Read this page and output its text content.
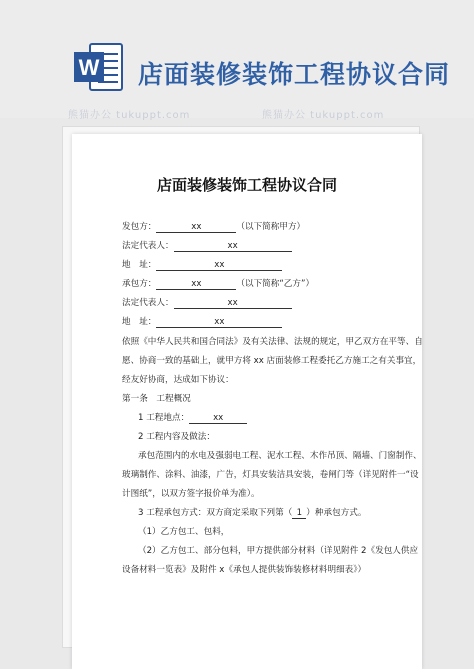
W 店面装修装饰工程协议合同
熊猫办公 tukuppt.com	熊猫办公 tukuppt.com
店面装修装饰工程协议合同
发包方：	xx	（以下简称甲方）
法定代表人：	xx
地　址：	xx
承包方：	xx	（以下简称“乙方”）
法定代表人：	xx
地　址：	xx
依照《中华人民共和国合同法》及有关法律、法规的规定，甲乙双方在平等、自
愿、协商一致的基础上，就甲方将 xx 店面装修工程委托乙方施工之有关事宜，
经友好协商，达成如下协议：
第一条　工程概况
1 工程地点：	xx
2 工程内容及做法：
承包范围内的水电及强弱电工程、泥水工程、木作吊顶、隔墙、门窗制作、
玻璃制作、涂料、油漆，广告，灯具安装洁具安装，卷闸门等（详见附件一“设
计图纸”，以双方签字报价单为准）。
3 工程承包方式：双方商定采取下列第（ 1 ）种承包方式。
（1）乙方包工、包料，
（2）乙方包工、部分包料，甲方提供部分材料（详见附件 2《发包人供应
设备材料一览表》及附件 x《承包人提供装饰装修材料明细表》）
